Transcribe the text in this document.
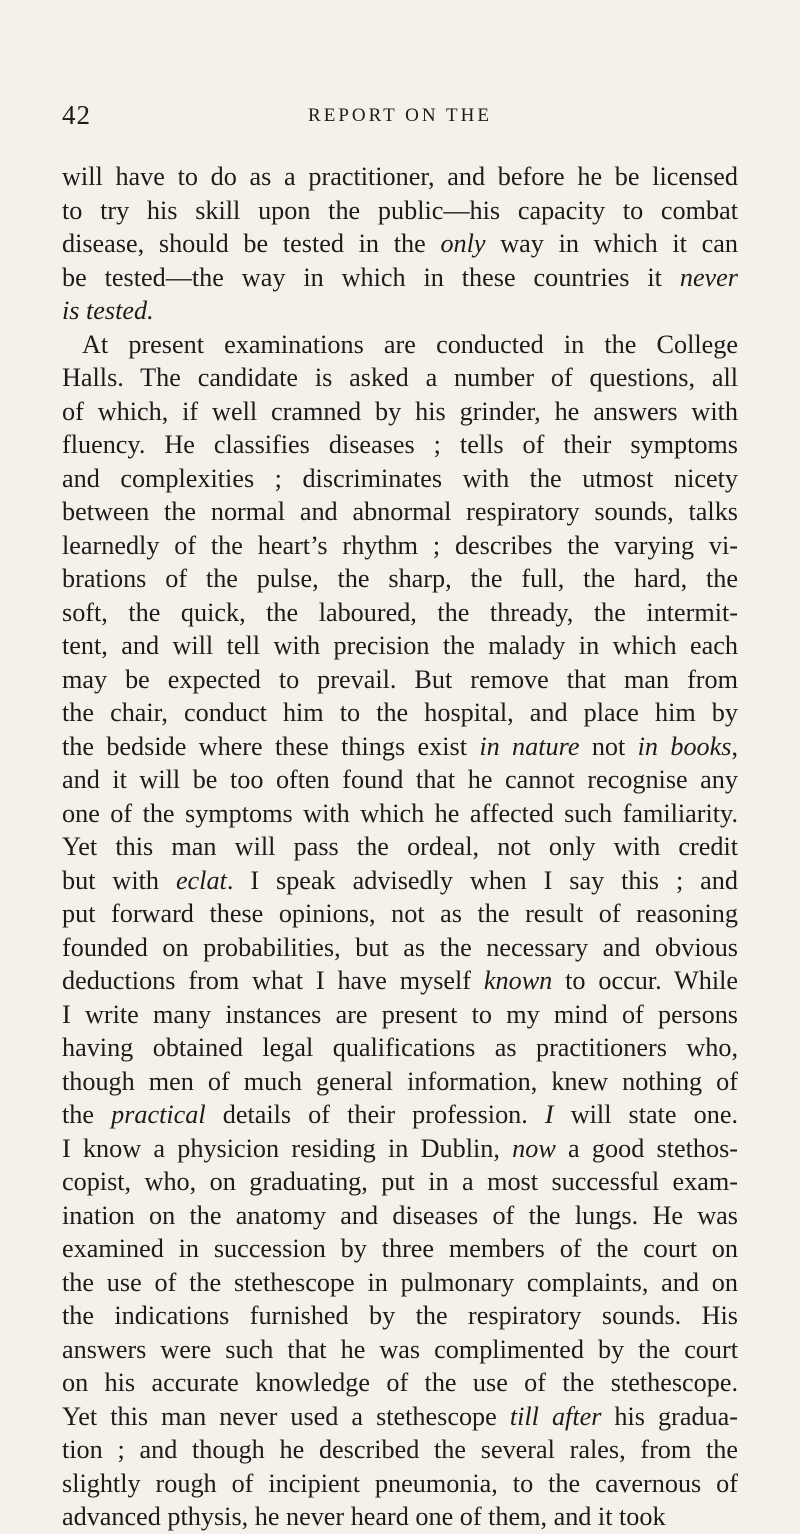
42	REPORT ON THE
will have to do as a practitioner, and before he be licensed
to try his skill upon the public—his capacity to combat
disease, should be tested in the only way in which it can
be tested—the way in which in these countries it never
is tested.
At present examinations are conducted in the College
Halls. The candidate is asked a number of questions, all
of which, if well cramned by his grinder, he answers with
fluency. He classifies diseases ; tells of their symptoms
and complexities ; discriminates with the utmost nicety
between the normal and abnormal respiratory sounds, talks
learnedly of the heart’s rhythm ; describes the varying vi-
brations of the pulse, the sharp, the full, the hard, the
soft, the quick, the laboured, the thready, the intermit-
tent, and will tell with precision the malady in which each
may be expected to prevail. But remove that man from
the chair, conduct him to the hospital, and place him by
the bedside where these things exist in nature not in books,
and it will be too often found that he cannot recognise any
one of the symptoms with which he affected such familiarity.
Yet this man will pass the ordeal, not only with credit
but with eclat. I speak advisedly when I say this ; and
put forward these opinions, not as the result of reasoning
founded on probabilities, but as the necessary and obvious
deductions from what I have myself known to occur. While
I write many instances are present to my mind of persons
having obtained legal qualifications as practitioners who,
though men of much general information, knew nothing of
the practical details of their profession. I will state one.
I know a physicion residing in Dublin, now a good stethos-
copist, who, on graduating, put in a most successful exam-
ination on the anatomy and diseases of the lungs. He was
examined in succession by three members of the court on
the use of the stethescope in pulmonary complaints, and on
the indications furnished by the respiratory sounds. His
answers were such that he was complimented by the court
on his accurate knowledge of the use of the stethescope.
Yet this man never used a stethescope till after his gradua-
tion ; and though he described the several rales, from the
slightly rough of incipient pneumonia, to the cavernous of
advanced pthysis, he never heard one of them, and it took
